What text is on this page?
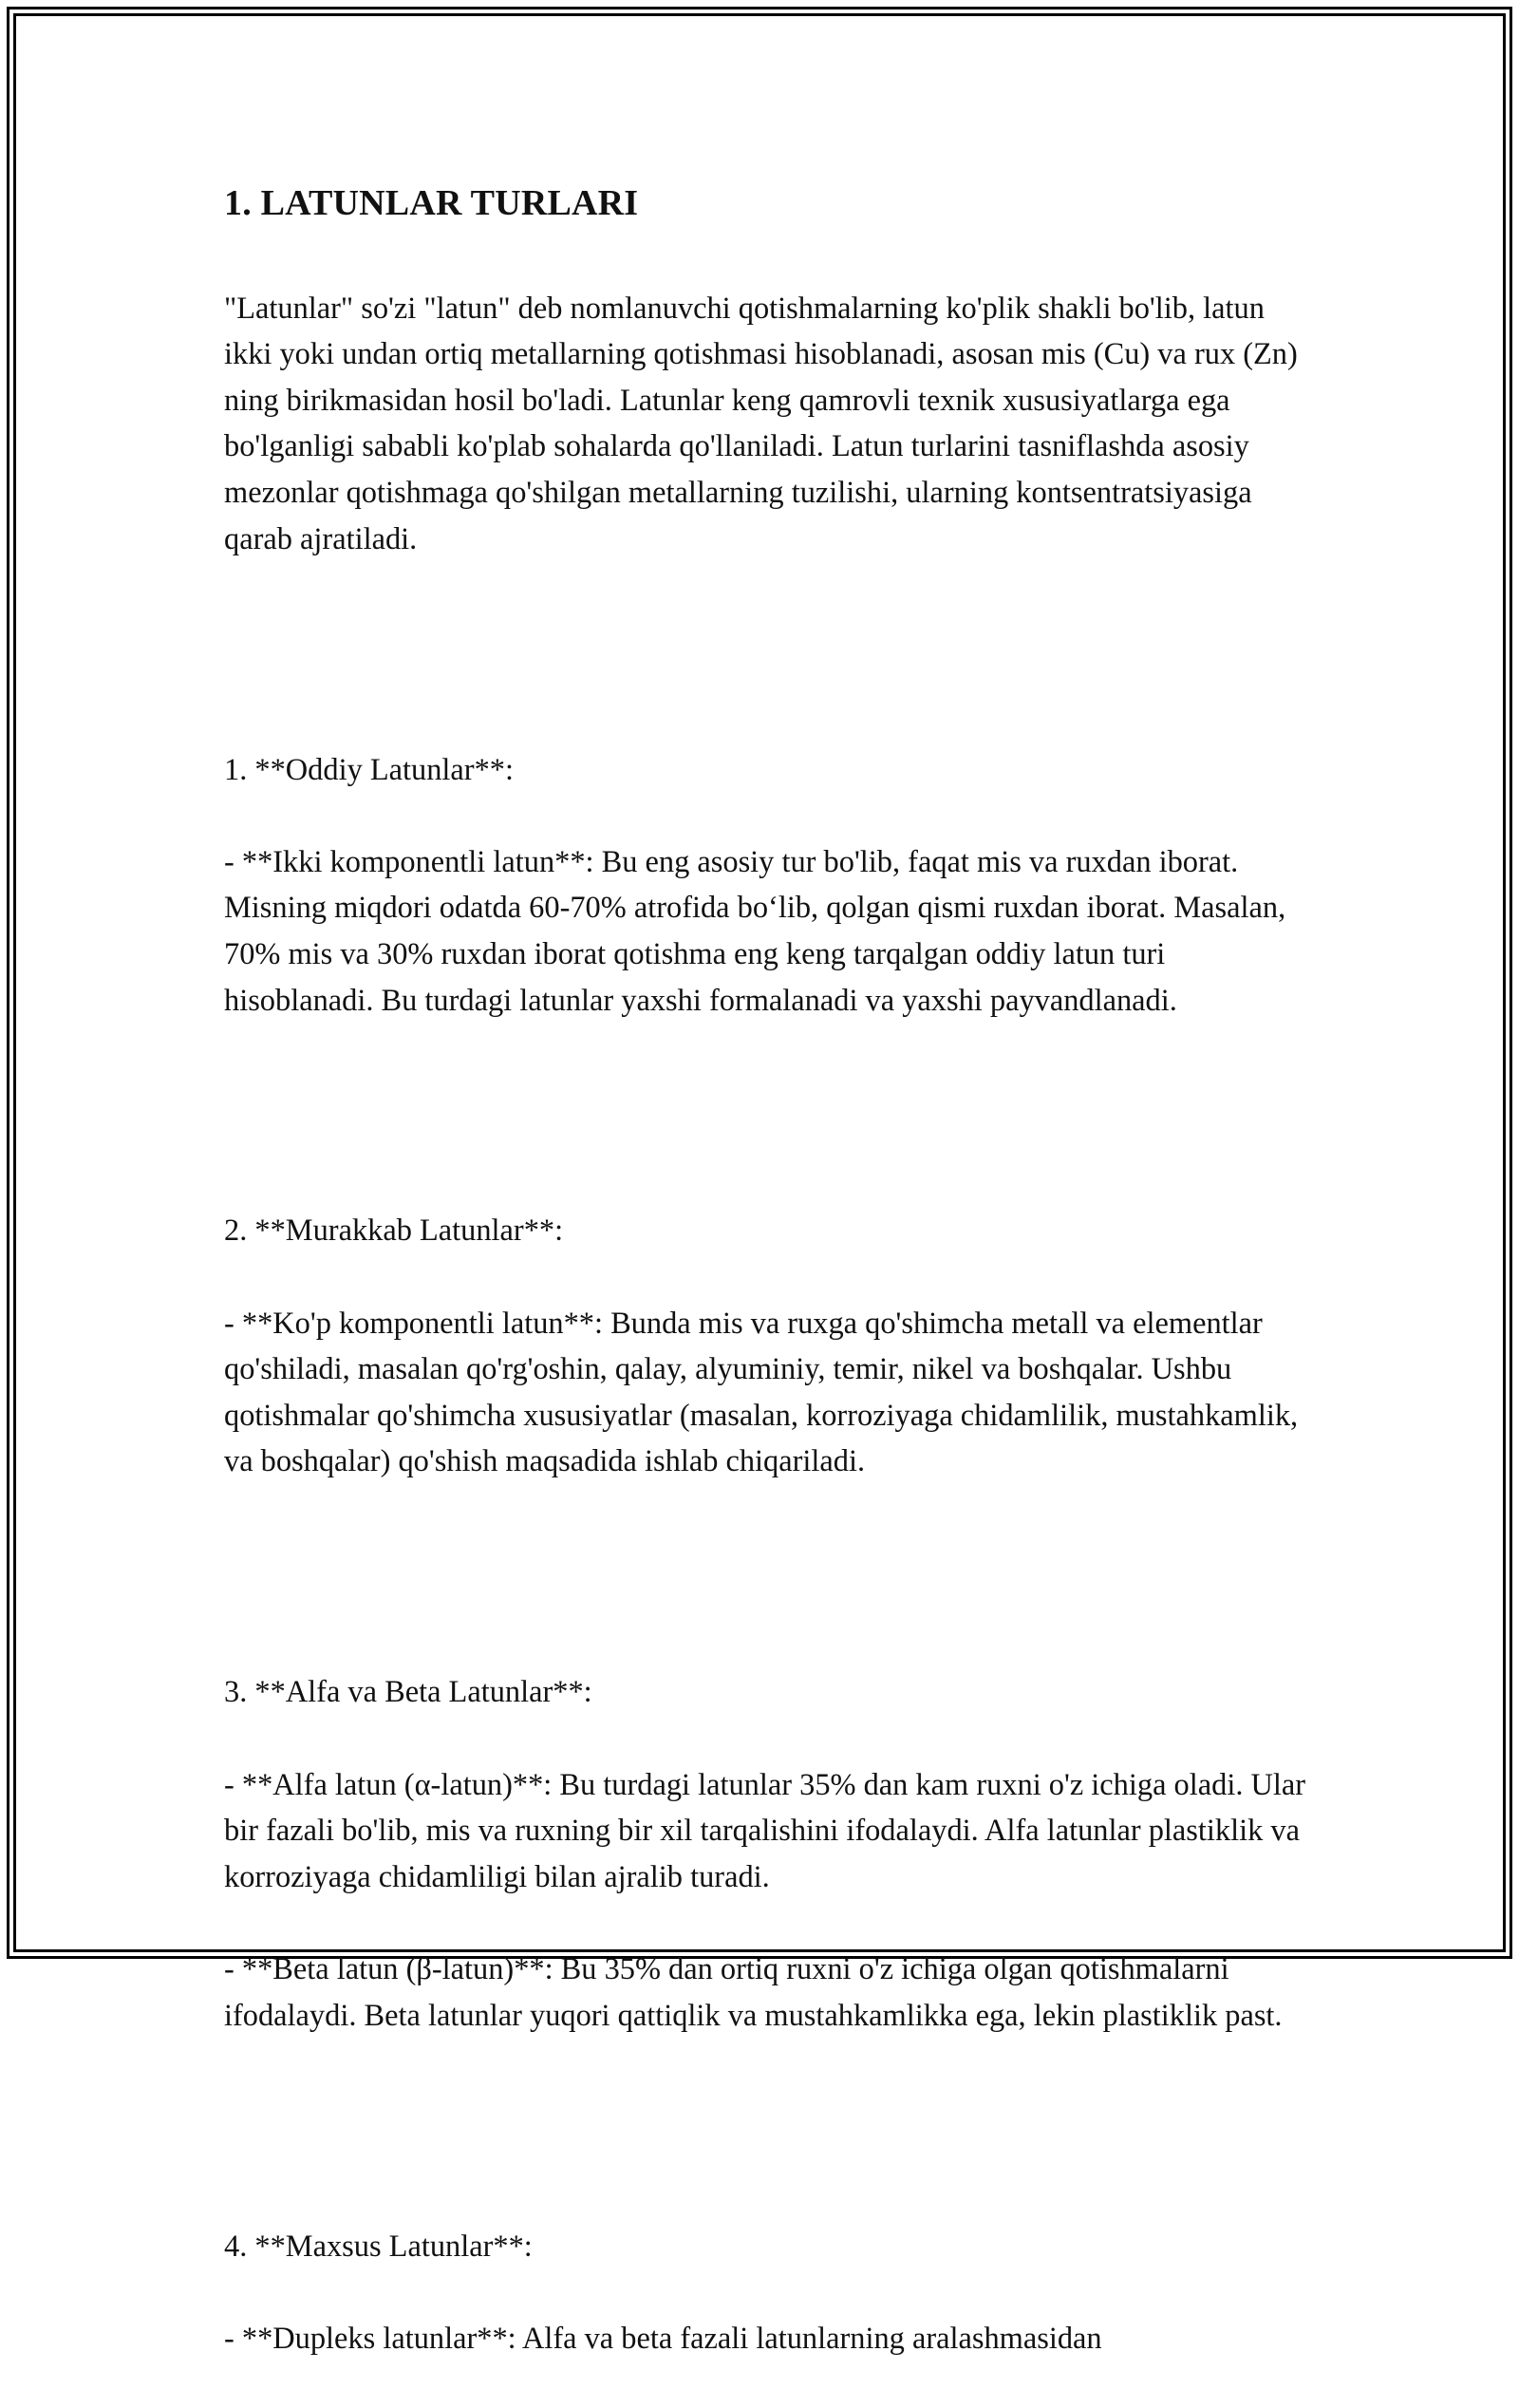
1. LATUNLAR TURLARI

"Latunlar" so'zi "latun" deb nomlanuvchi qotishmalarning ko'plik shakli bo'lib, latun ikki yoki undan ortiq metallarning qotishmasi hisoblanadi, asosan mis (Cu) va rux (Zn) ning birikmasidan hosil bo'ladi. Latunlar keng qamrovli texnik xususiyatlarga ega bo'lganligi sababli ko'plab sohalarda qo'llaniladi. Latun turlarini tasniflashda asosiy mezonlar qotishmaga qo'shilgan metallarning tuzilishi, ularning kontsentratsiyasiga qarab ajratiladi.

1. **Oddiy Latunlar**:

- **Ikki komponentli latun**: Bu eng asosiy tur bo'lib, faqat mis va ruxdan iborat. Misning miqdori odatda 60-70% atrofida bo‘lib, qolgan qismi ruxdan iborat. Masalan, 70% mis va 30% ruxdan iborat qotishma eng keng tarqalgan oddiy latun turi hisoblanadi. Bu turdagi latunlar yaxshi formalanadi va yaxshi payvandlanadi.

2. **Murakkab Latunlar**:

- **Ko'p komponentli latun**: Bunda mis va ruxga qo'shimcha metall va elementlar qo'shiladi, masalan qo'rg'oshin, qalay, alyuminiy, temir, nikel va boshqalar. Ushbu qotishmalar qo'shimcha xususiyatlar (masalan, korroziyaga chidamlilik, mustahkamlik, va boshqalar) qo'shish maqsadida ishlab chiqariladi.

3. **Alfa va Beta Latunlar**:

- **Alfa latun (α-latun)**: Bu turdagi latunlar 35% dan kam ruxni o'z ichiga oladi. Ular bir fazali bo'lib, mis va ruxning bir xil tarqalishini ifodalaydi. Alfa latunlar plastiklik va korroziyaga chidamliligi bilan ajralib turadi.

- **Beta latun (β-latun)**: Bu 35% dan ortiq ruxni o'z ichiga olgan qotishmalarni ifodalaydi. Beta latunlar yuqori qattiqlik va mustahkamlikka ega, lekin plastiklik past.

4. **Maxsus Latunlar**:

- **Dupleks latunlar**: Alfa va beta fazali latunlarning aralashmasidan
